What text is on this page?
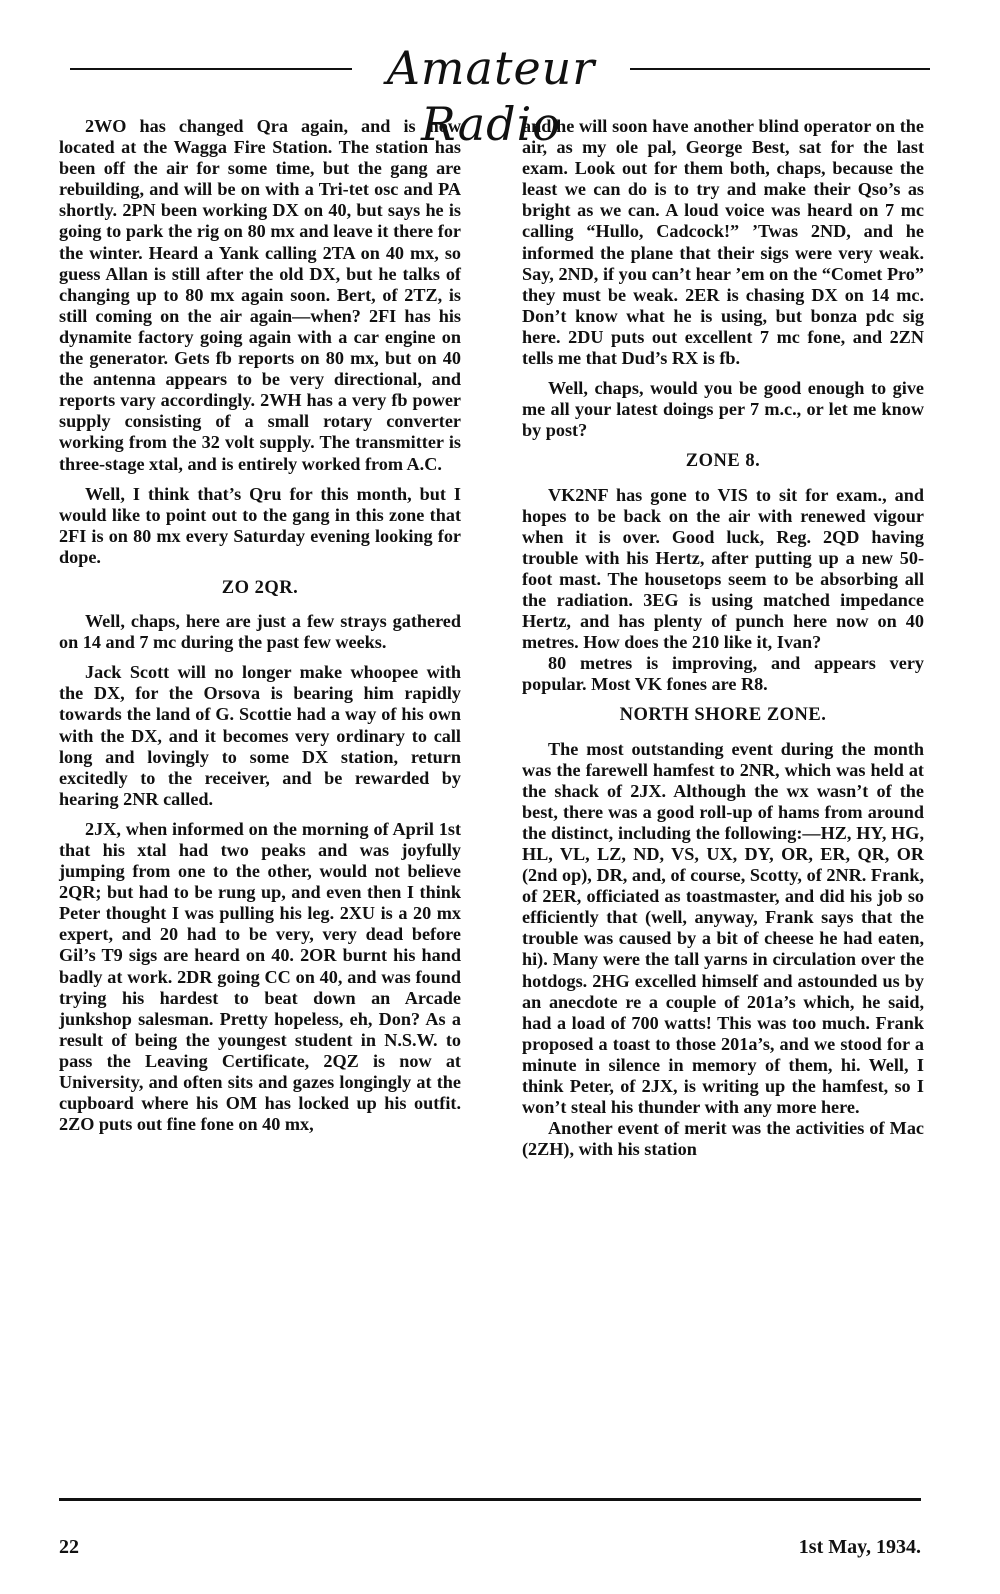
Amateur Radio

2WO has changed Qra again, and is now located at the Wagga Fire Station. The station has been off the air for some time, but the gang are rebuilding, and will be on with a Tri-tet osc and PA shortly. 2PN been working DX on 40, but says he is going to park the rig on 80 mx and leave it there for the winter. Heard a Yank calling 2TA on 40 mx, so guess Allan is still after the old DX, but he talks of changing up to 80 mx again soon. Bert, of 2TZ, is still coming on the air again—when? 2FI has his dynamite factory going again with a car engine on the generator. Gets fb reports on 80 mx, but on 40 the antenna appears to be very directional, and reports vary accordingly. 2WH has a very fb power supply consisting of a small rotary converter working from the 32 volt supply. The transmitter is three-stage xtal, and is entirely worked from A.C.

Well, I think that’s Qru for this month, but I would like to point out to the gang in this zone that 2FI is on 80 mx every Saturday evening looking for dope.

ZO 2QR.

Well, chaps, here are just a few strays gathered on 14 and 7 mc during the past few weeks.

Jack Scott will no longer make whoopee with the DX, for the Orsova is bearing him rapidly towards the land of G. Scottie had a way of his own with the DX, and it becomes very ordinary to call long and lovingly to some DX station, return excitedly to the receiver, and be rewarded by hearing 2NR called.

2JX, when informed on the morning of April 1st that his xtal had two peaks and was joyfully jumping from one to the other, would not believe 2QR; but had to be rung up, and even then I think Peter thought I was pulling his leg. 2XU is a 20 mx expert, and 20 had to be very, very dead before Gil’s T9 sigs are heard on 40. 2OR burnt his hand badly at work. 2DR going CC on 40, and was found trying his hardest to beat down an Arcade junkshop salesman. Pretty hopeless, eh, Don? As a result of being the youngest student in N.S.W. to pass the Leaving Certificate, 2QZ is now at University, and often sits and gazes longingly at the cupboard where his OM has locked up his outfit. 2ZO puts out fine fone on 40 mx,

and he will soon have another blind operator on the air, as my ole pal, George Best, sat for the last exam. Look out for them both, chaps, because the least we can do is to try and make their Qso’s as bright as we can. A loud voice was heard on 7 mc calling “Hullo, Cadcock!” ’Twas 2ND, and he informed the plane that their sigs were very weak. Say, 2ND, if you can’t hear ’em on the “Comet Pro” they must be weak. 2ER is chasing DX on 14 mc. Don’t know what he is using, but bonza pdc sig here. 2DU puts out excellent 7 mc fone, and 2ZN tells me that Dud’s RX is fb.

Well, chaps, would you be good enough to give me all your latest doings per 7 m.c., or let me know by post?

ZONE 8.

VK2NF has gone to VIS to sit for exam., and hopes to be back on the air with renewed vigour when it is over. Good luck, Reg. 2QD having trouble with his Hertz, after putting up a new 50-foot mast. The housetops seem to be absorbing all the radiation. 3EG is using matched impedance Hertz, and has plenty of punch here now on 40 metres. How does the 210 like it, Ivan?

80 metres is improving, and appears very popular. Most VK fones are R8.

NORTH SHORE ZONE.

The most outstanding event during the month was the farewell hamfest to 2NR, which was held at the shack of 2JX. Although the wx wasn’t of the best, there was a good roll-up of hams from around the distinct, including the following:—HZ, HY, HG, HL, VL, LZ, ND, VS, UX, DY, OR, ER, QR, OR (2nd op), DR, and, of course, Scotty, of 2NR. Frank, of 2ER, officiated as toastmaster, and did his job so efficiently that (well, anyway, Frank says that the trouble was caused by a bit of cheese he had eaten, hi). Many were the tall yarns in circulation over the hotdogs. 2HG excelled himself and astounded us by an anecdote re a couple of 201a’s which, he said, had a load of 700 watts! This was too much. Frank proposed a toast to those 201a’s, and we stood for a minute in silence in memory of them, hi. Well, I think Peter, of 2JX, is writing up the hamfest, so I won’t steal his thunder with any more here.

Another event of merit was the activities of Mac (2ZH), with his station

22	1st May, 1934.
